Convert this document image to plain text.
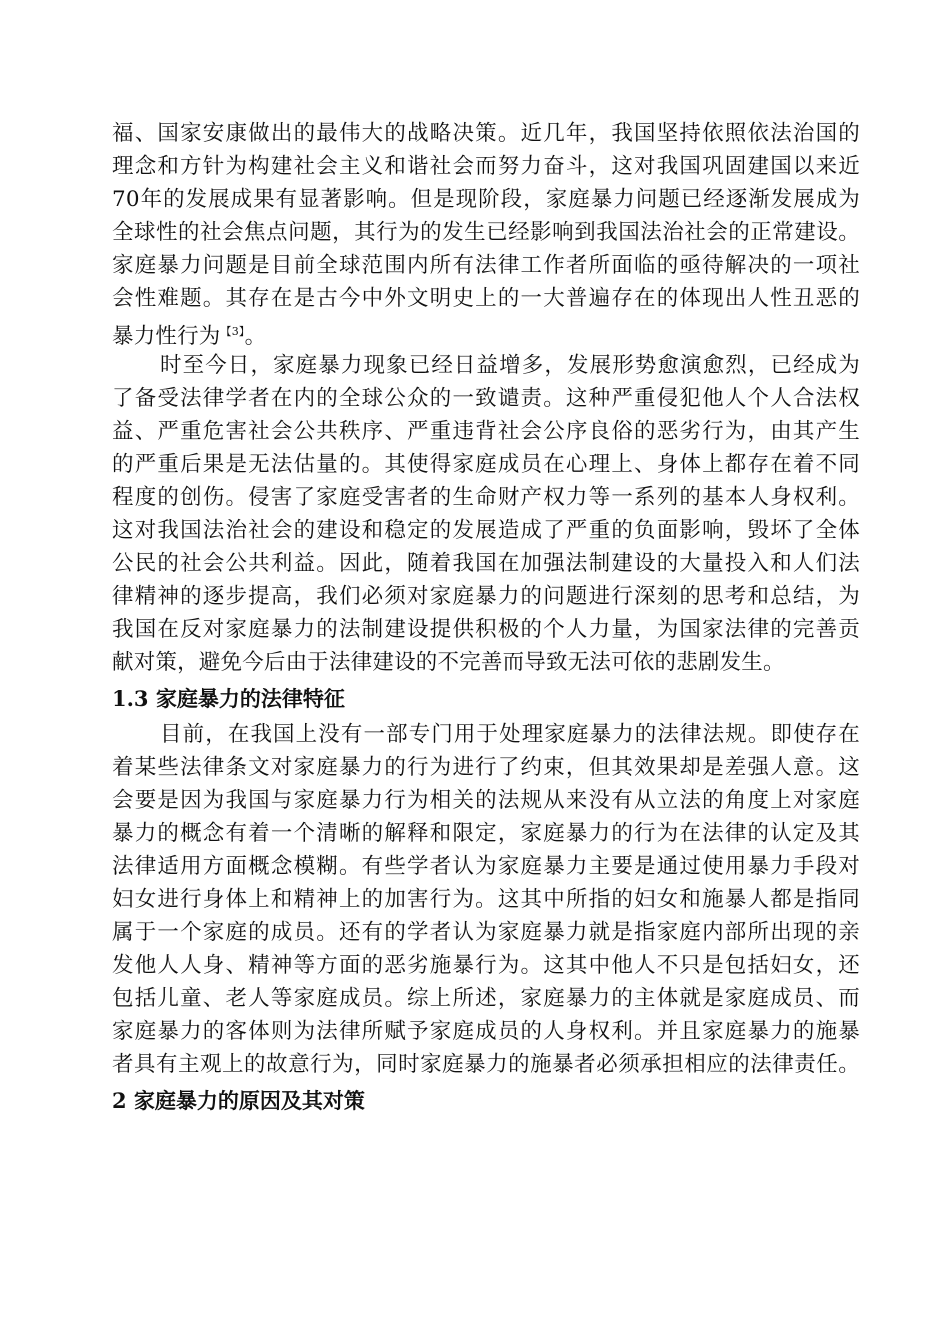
福、国家安康做出的最伟大的战略决策。近几年，我国坚持依照依法治国的
理念和方针为构建社会主义和谐社会而努力奋斗，这对我国巩固建国以来近
70年的发展成果有显著影响。但是现阶段，家庭暴力问题已经逐渐发展成为
全球性的社会焦点问题，其行为的发生已经影响到我国法治社会的正常建设。
家庭暴力问题是目前全球范围内所有法律工作者所面临的亟待解决的一项社
会性难题。其存在是古今中外文明史上的一大普遍存在的体现出人性丑恶的
暴力性行为$^{【3】}$。
时至今日，家庭暴力现象已经日益增多，发展形势愈演愈烈，已经成为
了备受法律学者在内的全球公众的一致谴责。这种严重侵犯他人个人合法权
益、严重危害社会公共秩序、严重违背社会公序良俗的恶劣行为，由其产生
的严重后果是无法估量的。其使得家庭成员在心理上、身体上都存在着不同
程度的创伤。侵害了家庭受害者的生命财产权力等一系列的基本人身权利。
这对我国法治社会的建设和稳定的发展造成了严重的负面影响，毁坏了全体
公民的社会公共利益。因此，随着我国在加强法制建设的大量投入和人们法
律精神的逐步提高，我们必须对家庭暴力的问题进行深刻的思考和总结，为
我国在反对家庭暴力的法制建设提供积极的个人力量，为国家法律的完善贡
献对策，避免今后由于法律建设的不完善而导致无法可依的悲剧发生。
1.3 家庭暴力的法律特征
目前，在我国上没有一部专门用于处理家庭暴力的法律法规。即使存在
着某些法律条文对家庭暴力的行为进行了约束，但其效果却是差强人意。这
会要是因为我国与家庭暴力行为相关的法规从来没有从立法的角度上对家庭
暴力的概念有着一个清晰的解释和限定，家庭暴力的行为在法律的认定及其
法律适用方面概念模糊。有些学者认为家庭暴力主要是通过使用暴力手段对
妇女进行身体上和精神上的加害行为。这其中所指的妇女和施暴人都是指同
属于一个家庭的成员。还有的学者认为家庭暴力就是指家庭内部所出现的亲
发他人人身、精神等方面的恶劣施暴行为。这其中他人不只是包括妇女，还
包括儿童、老人等家庭成员。综上所述，家庭暴力的主体就是家庭成员、而
家庭暴力的客体则为法律所赋予家庭成员的人身权利。并且家庭暴力的施暴
者具有主观上的故意行为，同时家庭暴力的施暴者必须承担相应的法律责任。
2 家庭暴力的原因及其对策
